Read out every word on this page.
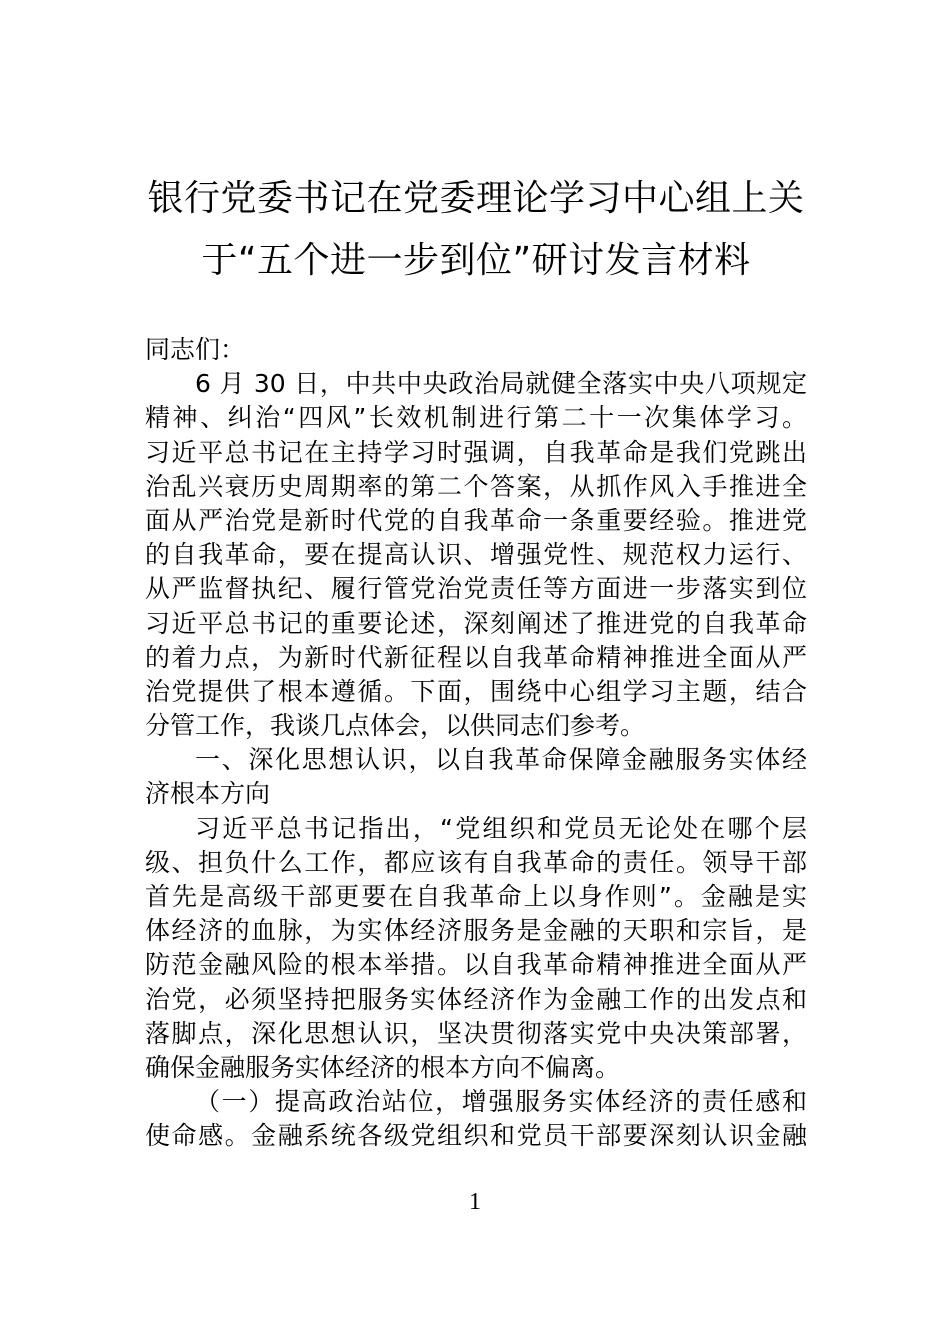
银行党委书记在党委理论学习中心组上关
于“五个进一步到位”研讨发言材料
同志们：
6 月 30 日，中共中央政治局就健全落实中央八项规定
精神、纠治“四风”长效机制进行第二十一次集体学习。
习近平总书记在主持学习时强调，自我革命是我们党跳出
治乱兴衰历史周期率的第二个答案，从抓作风入手推进全
面从严治党是新时代党的自我革命一条重要经验。推进党
的自我革命，要在提高认识、增强党性、规范权力运行、
从严监督执纪、履行管党治党责任等方面进一步落实到位
习近平总书记的重要论述，深刻阐述了推进党的自我革命
的着力点，为新时代新征程以自我革命精神推进全面从严
治党提供了根本遵循。下面，围绕中心组学习主题，结合
分管工作，我谈几点体会，以供同志们参考。
一、深化思想认识，以自我革命保障金融服务实体经
济根本方向
习近平总书记指出，“党组织和党员无论处在哪个层
级、担负什么工作，都应该有自我革命的责任。领导干部
首先是高级干部更要在自我革命上以身作则”。金融是实
体经济的血脉，为实体经济服务是金融的天职和宗旨，是
防范金融风险的根本举措。以自我革命精神推进全面从严
治党，必须坚持把服务实体经济作为金融工作的出发点和
落脚点，深化思想认识，坚决贯彻落实党中央决策部署，
确保金融服务实体经济的根本方向不偏离。
（一）提高政治站位，增强服务实体经济的责任感和
使命感。金融系统各级党组织和党员干部要深刻认识金融
1
